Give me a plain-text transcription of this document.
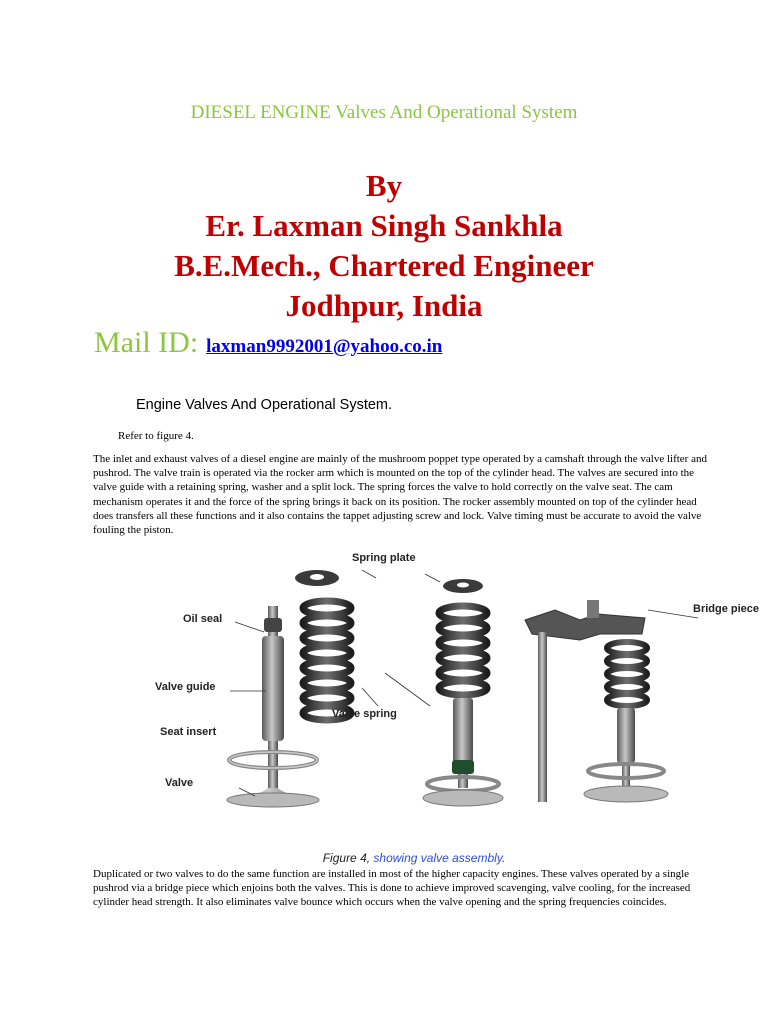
DIESEL ENGINE Valves And Operational System
By
Er. Laxman Singh Sankhla
B.E.Mech., Chartered Engineer
Jodhpur, India
Mail ID: laxman9992001@yahoo.co.in
Engine Valves And Operational System.
Refer to figure 4.

The inlet and exhaust valves of a diesel engine are mainly of the mushroom poppet type operated by a camshaft through the valve lifter and pushrod. The valve train is operated via the rocker arm which is mounted on the top of the cylinder head. The valves are secured into the valve guide with a retaining spring, washer and a split lock. The spring forces the valve to hold correctly on the valve seat. The cam mechanism operates it and the force of the spring brings it back on its position. The rocker assembly mounted on top of the cylinder head does transfers all these functions and it also contains the tappet adjusting screw and lock. Valve timing must be accurate to avoid the valve fouling the piston.

Spring plate
Bridge piece
Oil seal
Valve guide
Valve spring
Seat insert
Valve
Figure 4, showing valve assembly.

Duplicated or two valves to do the same function are installed in most of the higher capacity engines. These valves operated by a single pushrod via a bridge piece which enjoins both the valves. This is done to achieve improved scavenging, valve cooling, for the increased cylinder head strength. It also eliminates valve bounce which occurs when the valve opening and the spring frequencies coincides.
